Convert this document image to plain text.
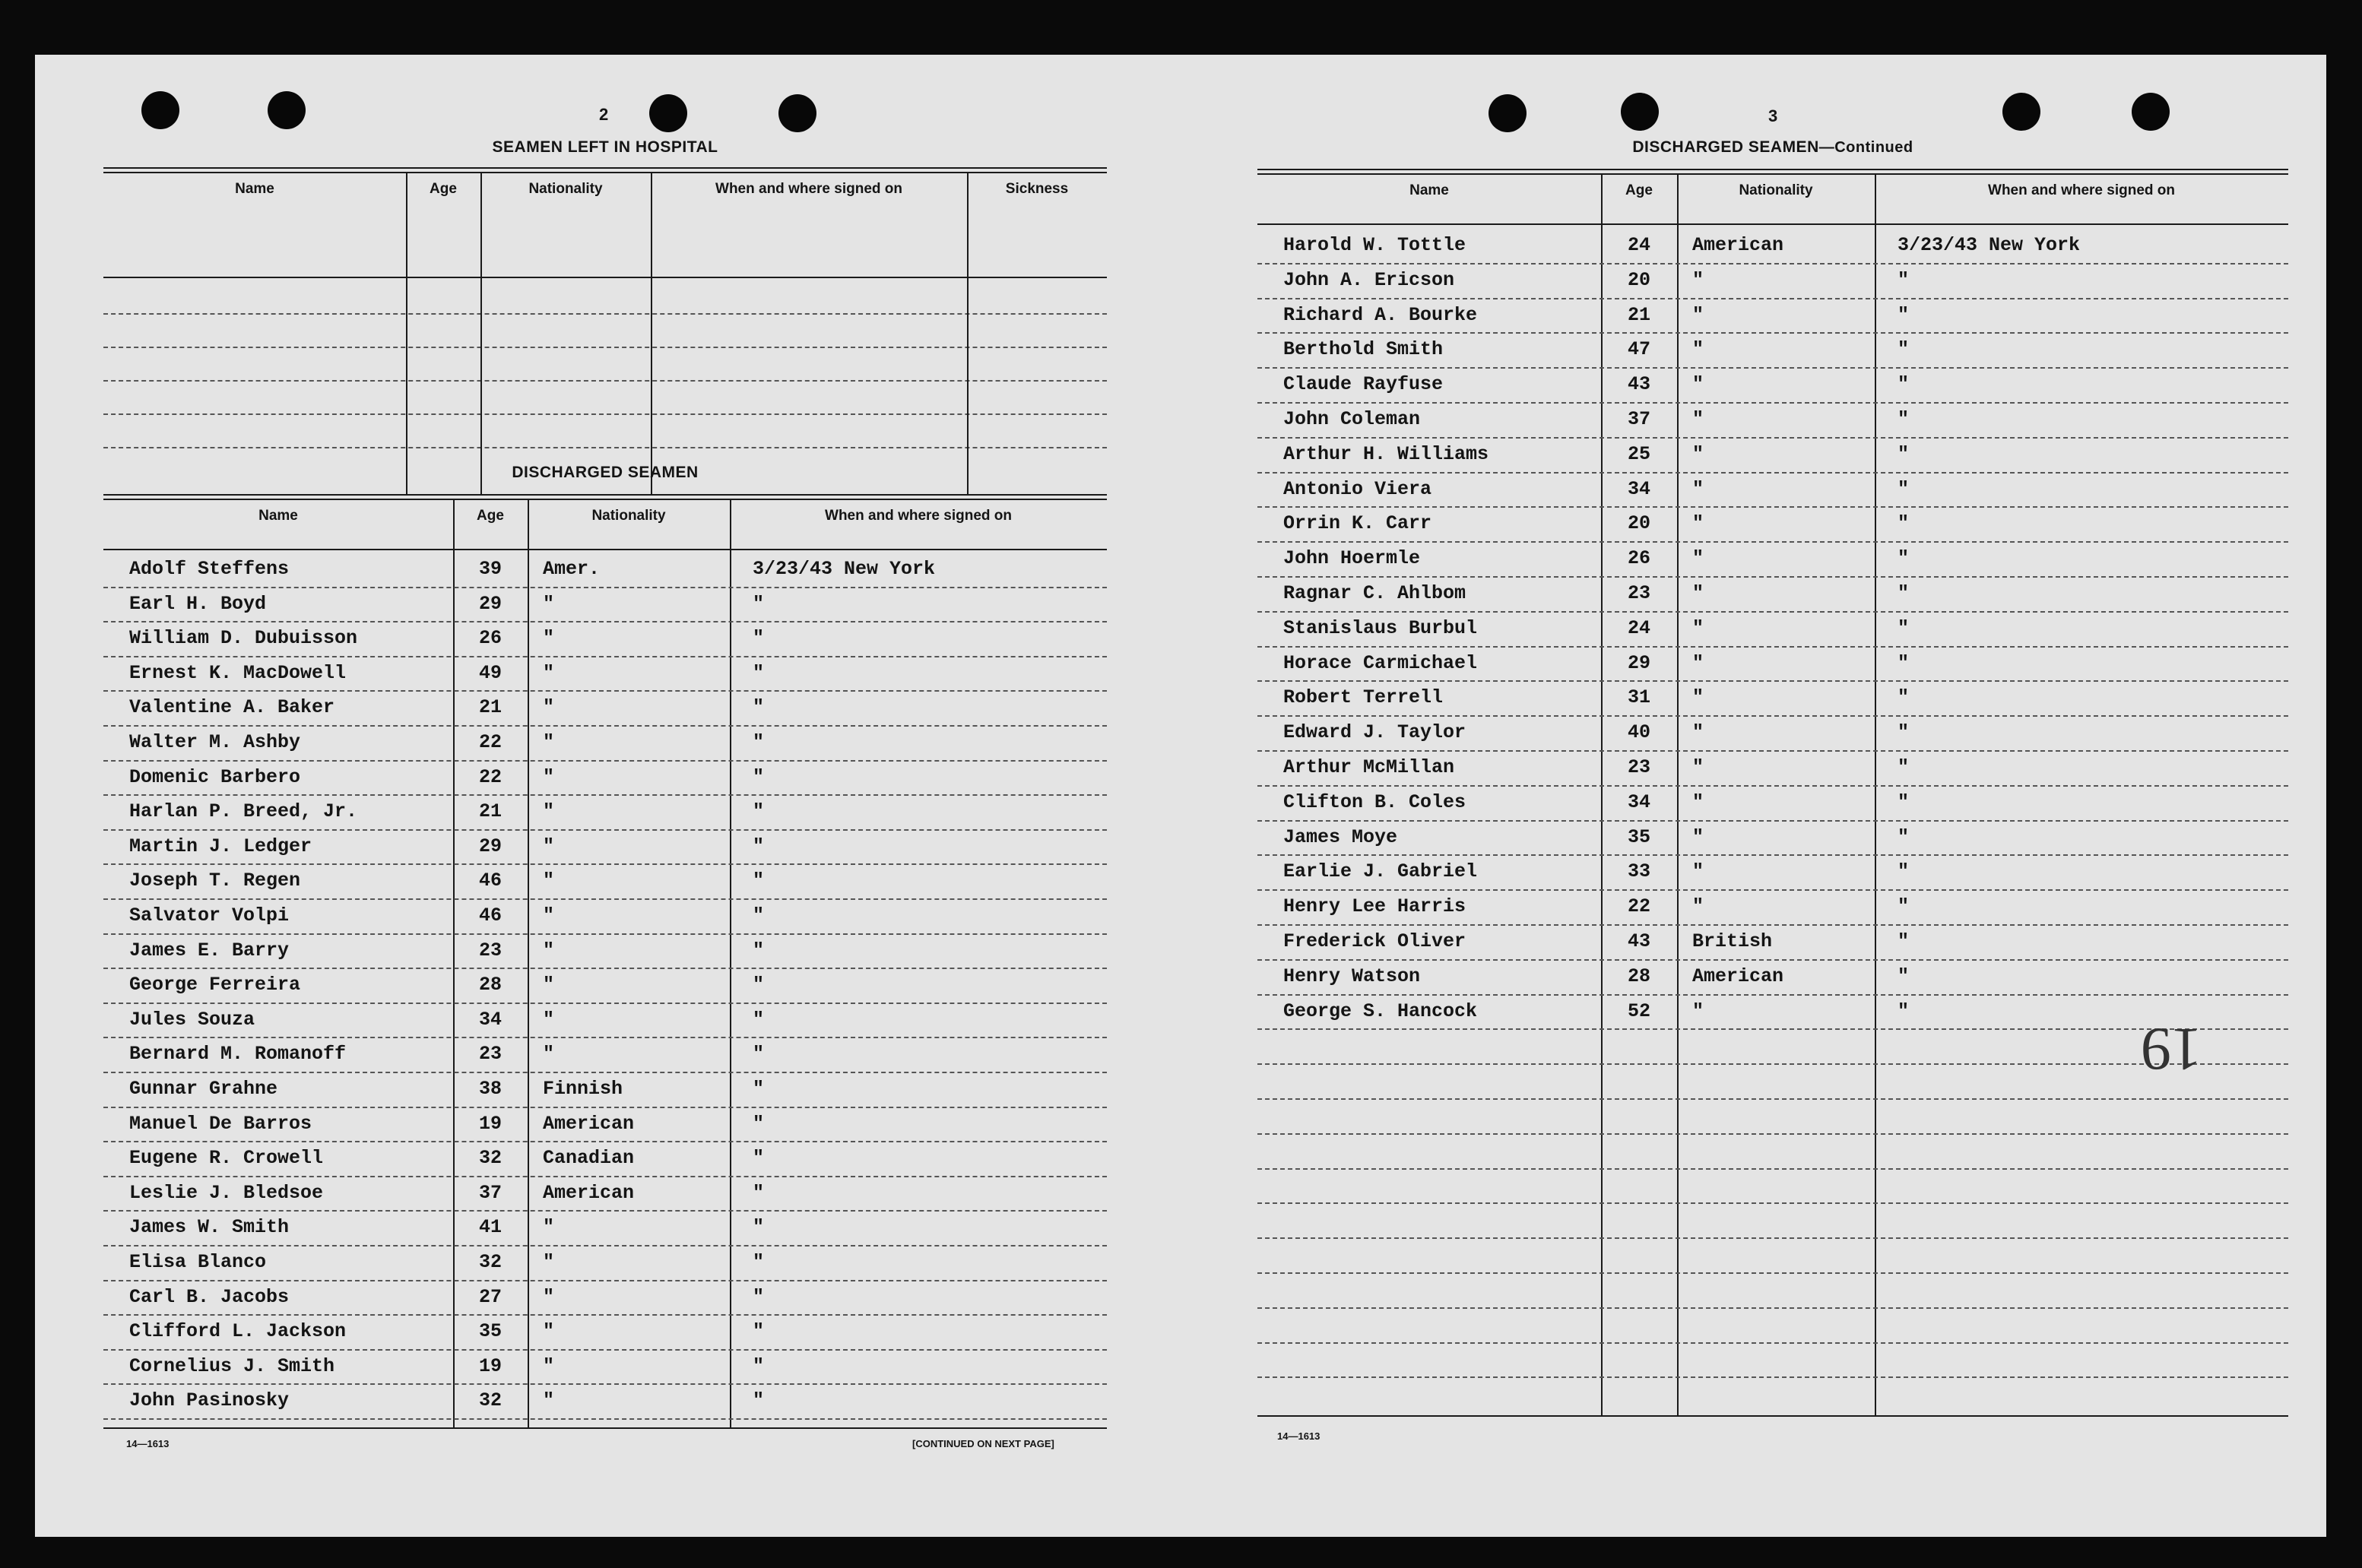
2
SEAMEN LEFT IN HOSPITAL
Name	Age	Nationality	When and where signed on	Sickness
DISCHARGED SEAMEN
Name	Age	Nationality	When and where signed on
Adolf Steffens	39	Amer.	3/23/43 New York
Earl H. Boyd	29	"	"
William D. Dubuisson	26	"	"
Ernest K. MacDowell	49	"	"
Valentine A. Baker	21	"	"
Walter M. Ashby	22	"	"
Domenic Barbero	22	"	"
Harlan P. Breed, Jr.	21	"	"
Martin J. Ledger	29	"	"
Joseph T. Regen	46	"	"
Salvator Volpi	46	"	"
James E. Barry	23	"	"
George Ferreira	28	"	"
Jules Souza	34	"	"
Bernard M. Romanoff	23	"	"
Gunnar Grahne	38	Finnish	"
Manuel De Barros	19	American	"
Eugene R. Crowell	32	Canadian	"
Leslie J. Bledsoe	37	American	"
James W. Smith	41	"	"
Elisa Blanco	32	"	"
Carl B. Jacobs	27	"	"
Clifford L. Jackson	35	"	"
Cornelius J. Smith	19	"	"
John Pasinosky	32	"	"
14—1613	[CONTINUED ON NEXT PAGE]
3
DISCHARGED SEAMEN—Continued
Name	Age	Nationality	When and where signed on
Harold W. Tottle	24	American	3/23/43 New York
John A. Ericson	20	"	"
Richard A. Bourke	21	"	"
Berthold Smith	47	"	"
Claude Rayfuse	43	"	"
John Coleman	37	"	"
Arthur H. Williams	25	"	"
Antonio Viera	34	"	"
Orrin K. Carr	20	"	"
John Hoermle	26	"	"
Ragnar C. Ahlbom	23	"	"
Stanislaus Burbul	24	"	"
Horace Carmichael	29	"	"
Robert Terrell	31	"	"
Edward J. Taylor	40	"	"
Arthur McMillan	23	"	"
Clifton B. Coles	34	"	"
James Moye	35	"	"
Earlie J. Gabriel	33	"	"
Henry Lee Harris	22	"	"
Frederick Oliver	43	British	"
Henry Watson	28	American	"
George S. Hancock	52	"	"
14—1613
19
